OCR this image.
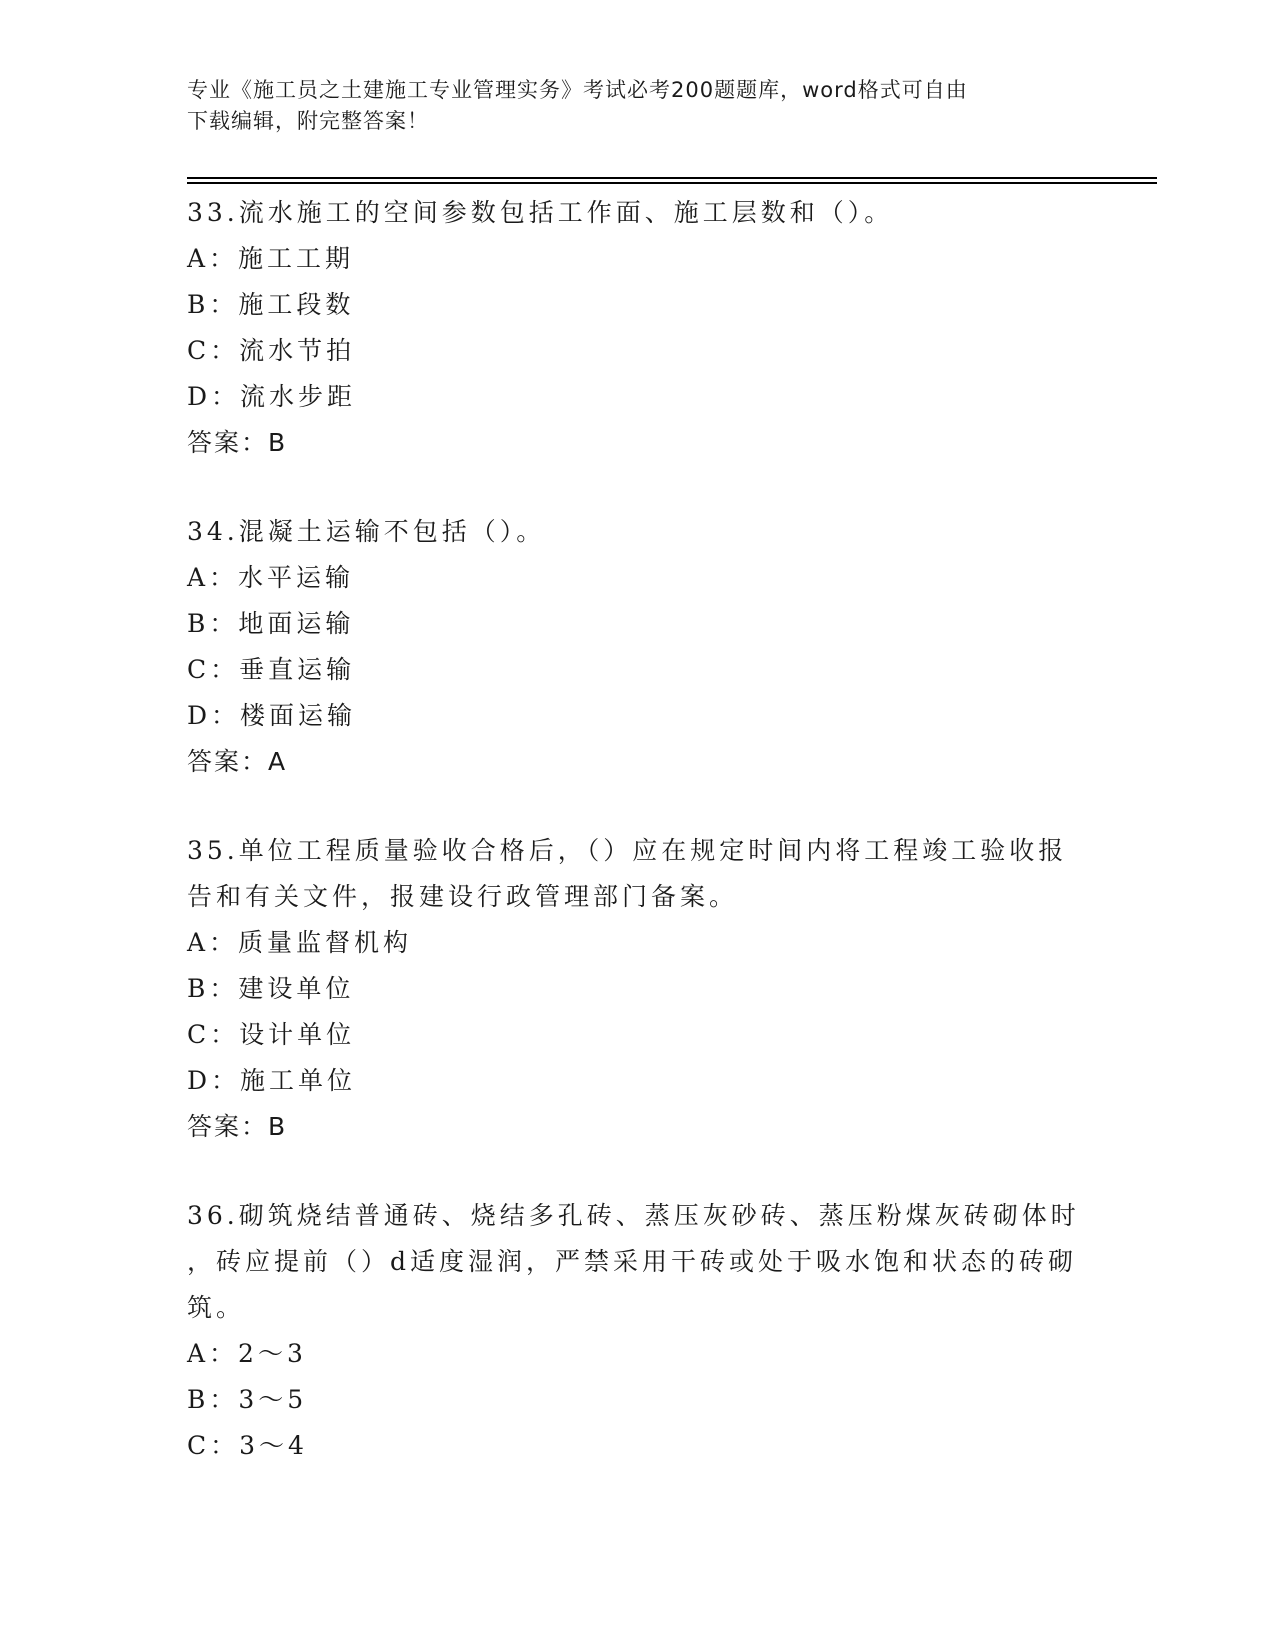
专业《施工员之土建施工专业管理实务》考试必考200题题库，word格式可自由
下载编辑，附完整答案！
33.流水施工的空间参数包括工作面、施工层数和（）。
A：施工工期
B：施工段数
C：流水节拍
D：流水步距
答案：B
34.混凝土运输不包括（）。
A：水平运输
B：地面运输
C：垂直运输
D：楼面运输
答案：A
35.单位工程质量验收合格后，（）应在规定时间内将工程竣工验收报
告和有关文件，报建设行政管理部门备案。
A：质量监督机构
B：建设单位
C：设计单位
D：施工单位
答案：B
36.砌筑烧结普通砖、烧结多孔砖、蒸压灰砂砖、蒸压粉煤灰砖砌体时
，砖应提前（）d适度湿润，严禁采用干砖或处于吸水饱和状态的砖砌
筑。
A：2～3
B：3～5
C：3～4
